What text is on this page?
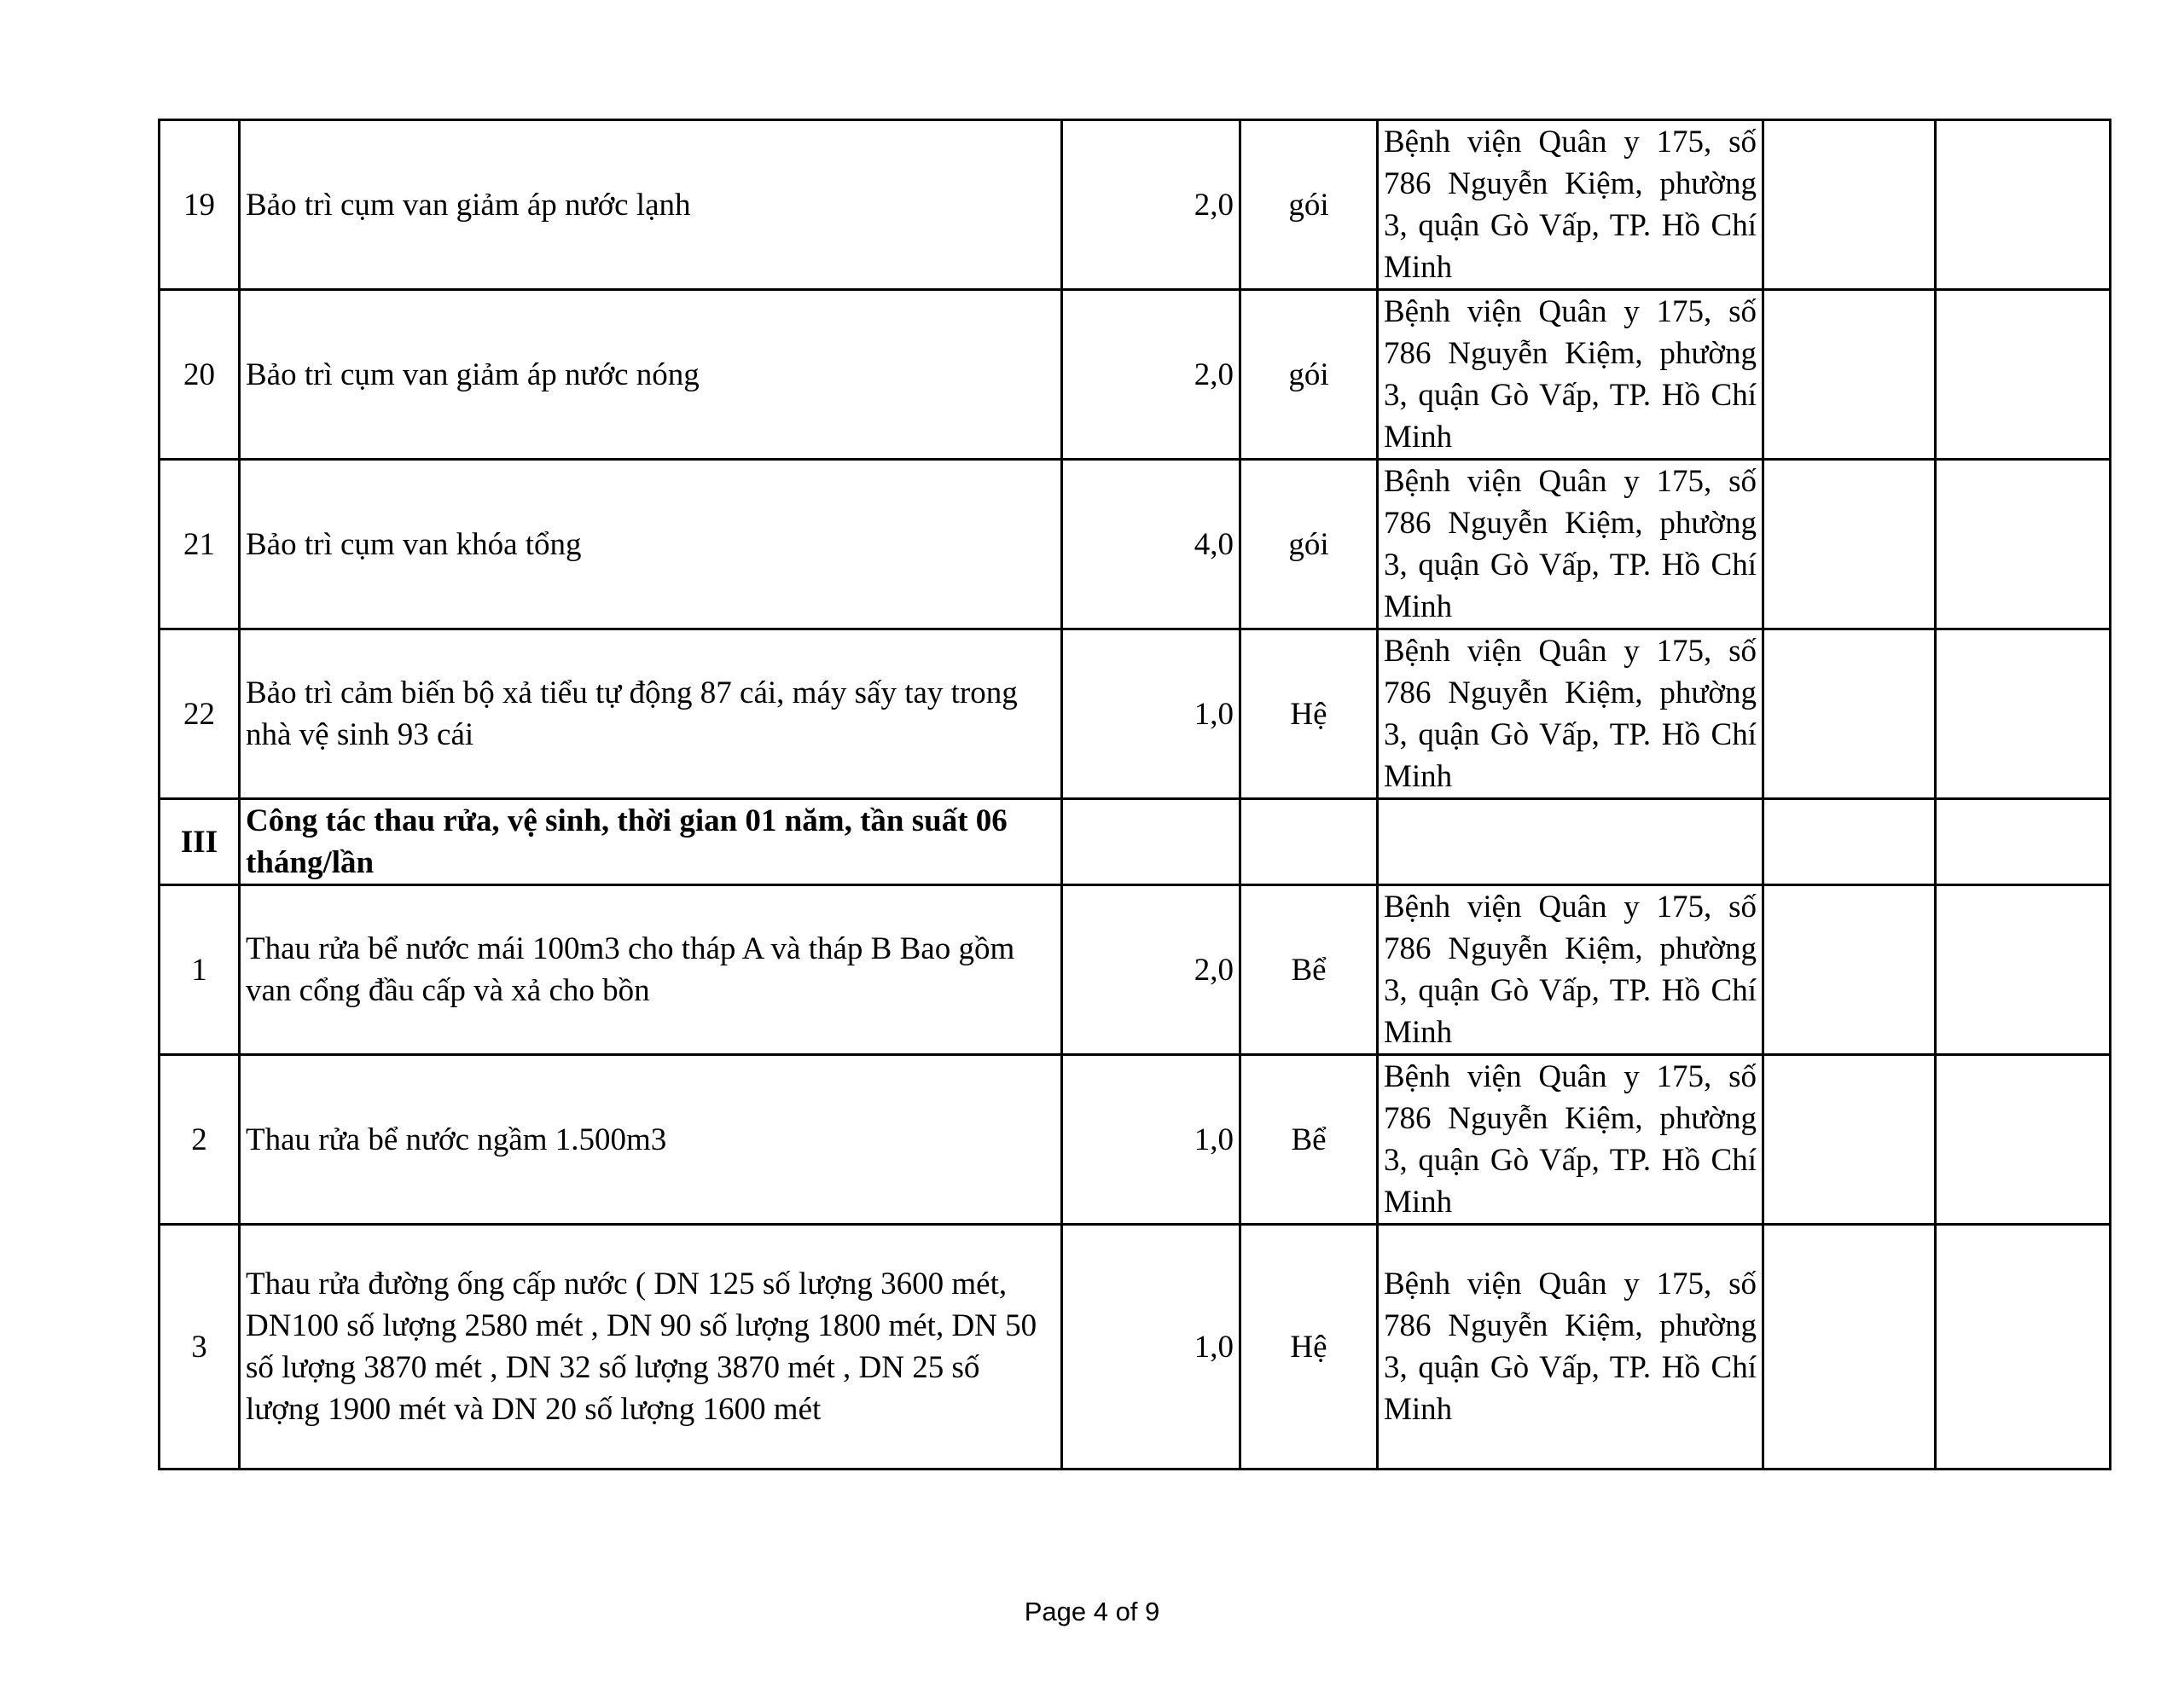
19	Bảo trì cụm van giảm áp nước lạnh	2,0	gói	Bệnh viện Quân y 175, số 786 Nguyễn Kiệm, phường 3, quận Gò Vấp, TP. Hồ Chí Minh		
20	Bảo trì cụm van giảm áp nước nóng	2,0	gói	Bệnh viện Quân y 175, số 786 Nguyễn Kiệm, phường 3, quận Gò Vấp, TP. Hồ Chí Minh		
21	Bảo trì cụm van khóa tổng	4,0	gói	Bệnh viện Quân y 175, số 786 Nguyễn Kiệm, phường 3, quận Gò Vấp, TP. Hồ Chí Minh		
22	Bảo trì cảm biến bộ xả tiểu tự động 87 cái, máy sấy tay trong nhà vệ sinh 93 cái	1,0	Hệ	Bệnh viện Quân y 175, số 786 Nguyễn Kiệm, phường 3, quận Gò Vấp, TP. Hồ Chí Minh		
III	Công tác thau rửa, vệ sinh, thời gian 01 năm, tần suất 06 tháng/lần					
1	Thau rửa bể nước mái 100m3 cho tháp A và tháp B Bao gồm van cổng đầu cấp và xả cho bồn	2,0	Bể	Bệnh viện Quân y 175, số 786 Nguyễn Kiệm, phường 3, quận Gò Vấp, TP. Hồ Chí Minh		
2	Thau rửa bể nước ngầm 1.500m3	1,0	Bể	Bệnh viện Quân y 175, số 786 Nguyễn Kiệm, phường 3, quận Gò Vấp, TP. Hồ Chí Minh		
3	Thau rửa đường ống cấp nước ( DN 125 số lượng 3600 mét, DN100 số lượng 2580 mét , DN 90 số lượng 1800 mét, DN 50 số lượng 3870 mét , DN 32 số lượng 3870 mét , DN 25 số lượng 1900 mét và DN 20 số lượng 1600 mét	1,0	Hệ	Bệnh viện Quân y 175, số 786 Nguyễn Kiệm, phường 3, quận Gò Vấp, TP. Hồ Chí Minh		
Page 4 of 9
